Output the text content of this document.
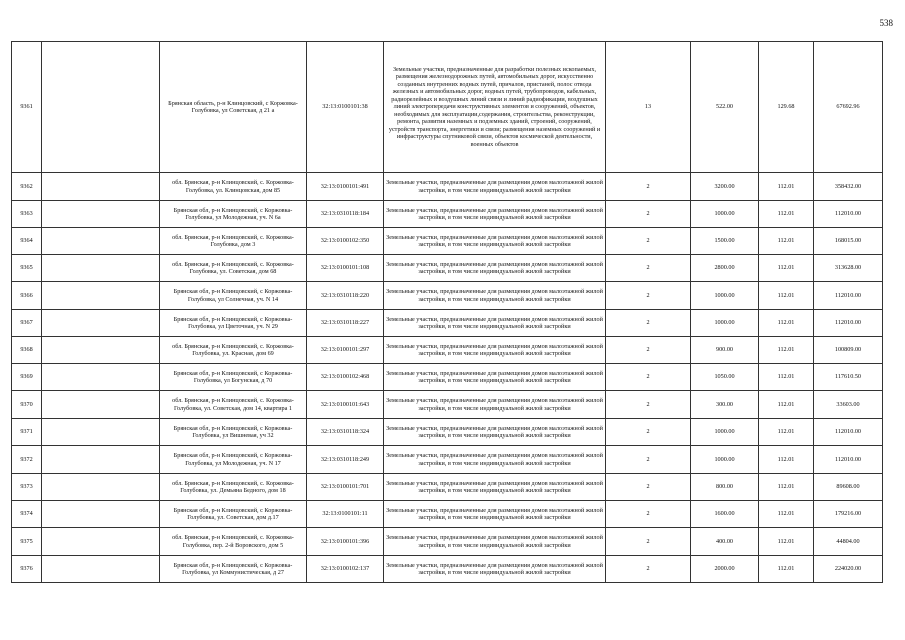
538
9361		Брянская область, р-н Клинцовский, с Коржовка-Голубовка, ул Советская, д 21 а	32:13:0100101:38	Земельные участки, предназначенные для разработки полезных ископаемых, размещения железнодорожных путей, автомобильных дорог, искусственно созданных внутренних водных путей, причалов, пристаней, полос отвода железных и автомобильных дорог, водных путей, трубопроводов, кабельных, радиорелейных и воздушных линий связи и линий радиофикации, воздушных линий электропередачи конструктивных элементов и сооружений, объектов, необходимых для эксплуатации,содержания, строительства, реконструкции, ремонта, развития наземных и подземных зданий, строений, сооружений, устройств транспорта, энергетики и связи; размещения наземных сооружений и инфраструктуры спутниковой связи, объектов космической деятельности, военных объектов	13	522.00	129.68	67692.96
9362		обл. Брянская, р-н Клинцовский, с. Коржовка-Голубовка, ул. Клинцовская, дом 85	32:13:0100101:491	Земельные участки, предназначенные для размещения домов малоэтажной жилой застройки, в том числе индивидуальной жилой застройки	2	3200.00	112.01	358432.00
9363		Брянская обл, р-н Клинцовский, с Коржовка-Голубовка, ул Молодежная, уч. N 6а	32:13:0310118:184	Земельные участки, предназначенные для размещения домов малоэтажной жилой застройки, в том числе индивидуальной жилой застройки	2	1000.00	112.01	112010.00
9364		обл. Брянская, р-н Клинцовский, с. Коржовка-Голубовка, дом 3	32:13:0100102:350	Земельные участки, предназначенные для размещения домов малоэтажной жилой застройки, в том числе индивидуальной жилой застройки	2	1500.00	112.01	168015.00
9365		обл. Брянская, р-н Клинцовский, с. Коржовка-Голубовка, ул. Советская, дом 68	32:13:0100101:108	Земельные участки, предназначенные для размещения домов малоэтажной жилой застройки, в том числе индивидуальной жилой застройки	2	2800.00	112.01	313628.00
9366		Брянская обл, р-н Клинцовский, с Коржовка-Голубовка, ул Солнечная, уч. N 14	32:13:0310118:220	Земельные участки, предназначенные для размещения домов малоэтажной жилой застройки, в том числе индивидуальной жилой застройки	2	1000.00	112.01	112010.00
9367		Брянская обл, р-н Клинцовский, с Коржовка-Голубовка, ул Цветочная, уч. N 29	32:13:0310118:227	Земельные участки, предназначенные для размещения домов малоэтажной жилой застройки, в том числе индивидуальной жилой застройки	2	1000.00	112.01	112010.00
9368		обл. Брянская, р-н Клинцовский, с. Коржовка-Голубовка, ул. Красная, дом 69	32:13:0100101:297	Земельные участки, предназначенные для размещения домов малоэтажной жилой застройки, в том числе индивидуальной жилой застройки	2	900.00	112.01	100809.00
9369		Брянская обл, р-н Клинцовский, с Коржовка-Голубовка, ул Богунская, д 70	32:13:0100102:468	Земельные участки, предназначенные для размещения домов малоэтажной жилой застройки, в том числе индивидуальной жилой застройки	2	1050.00	112.01	117610.50
9370		обл. Брянская, р-н Клинцовский, с. Коржовка-Голубовка, ул. Советская, дом 14, квартира 1	32:13:0100101:643	Земельные участки, предназначенные для размещения домов малоэтажной жилой застройки, в том числе индивидуальной жилой застройки	2	300.00	112.01	33603.00
9371		Брянская обл, р-н Клинцовский, с Коржовка-Голубовка, ул Вишневая, уч 32	32:13:0310118:324	Земельные участки, предназначенные для размещения домов малоэтажной жилой застройки, в том числе индивидуальной жилой застройки	2	1000.00	112.01	112010.00
9372		Брянская обл, р-н Клинцовский, с Коржовка-Голубовка, ул Молодежная, уч. N 17	32:13:0310118:249	Земельные участки, предназначенные для размещения домов малоэтажной жилой застройки, в том числе индивидуальной жилой застройки	2	1000.00	112.01	112010.00
9373		обл. Брянская, р-н Клинцовский, с. Коржовка-Голубовка, ул. Демьяна Бедного, дом 18	32:13:0100101:701	Земельные участки, предназначенные для размещения домов малоэтажной жилой застройки, в том числе индивидуальной жилой застройки	2	800.00	112.01	89608.00
9374		Брянская обл, р-н Клинцовский, с Коржовка-Голубовка, ул. Советская, дом д.17	32:13:0100101:11	Земельные участки, предназначенные для размещения домов малоэтажной жилой застройки, в том числе индивидуальной жилой застройки	2	1600.00	112.01	179216.00
9375		обл. Брянская, р-н Клинцовский, с. Коржовка-Голубовка, пер. 2-й Воровского, дом 5	32:13:0100101:396	Земельные участки, предназначенные для размещения домов малоэтажной жилой застройки, в том числе индивидуальной жилой застройки	2	400.00	112.01	44804.00
9376		Брянская обл, р-н Клинцовский, с Коржовка-Голубовка, ул Коммунистическая, д 27	32:13:0100102:137	Земельные участки, предназначенные для размещения домов малоэтажной жилой застройки, в том числе индивидуальной жилой застройки	2	2000.00	112.01	224020.00
